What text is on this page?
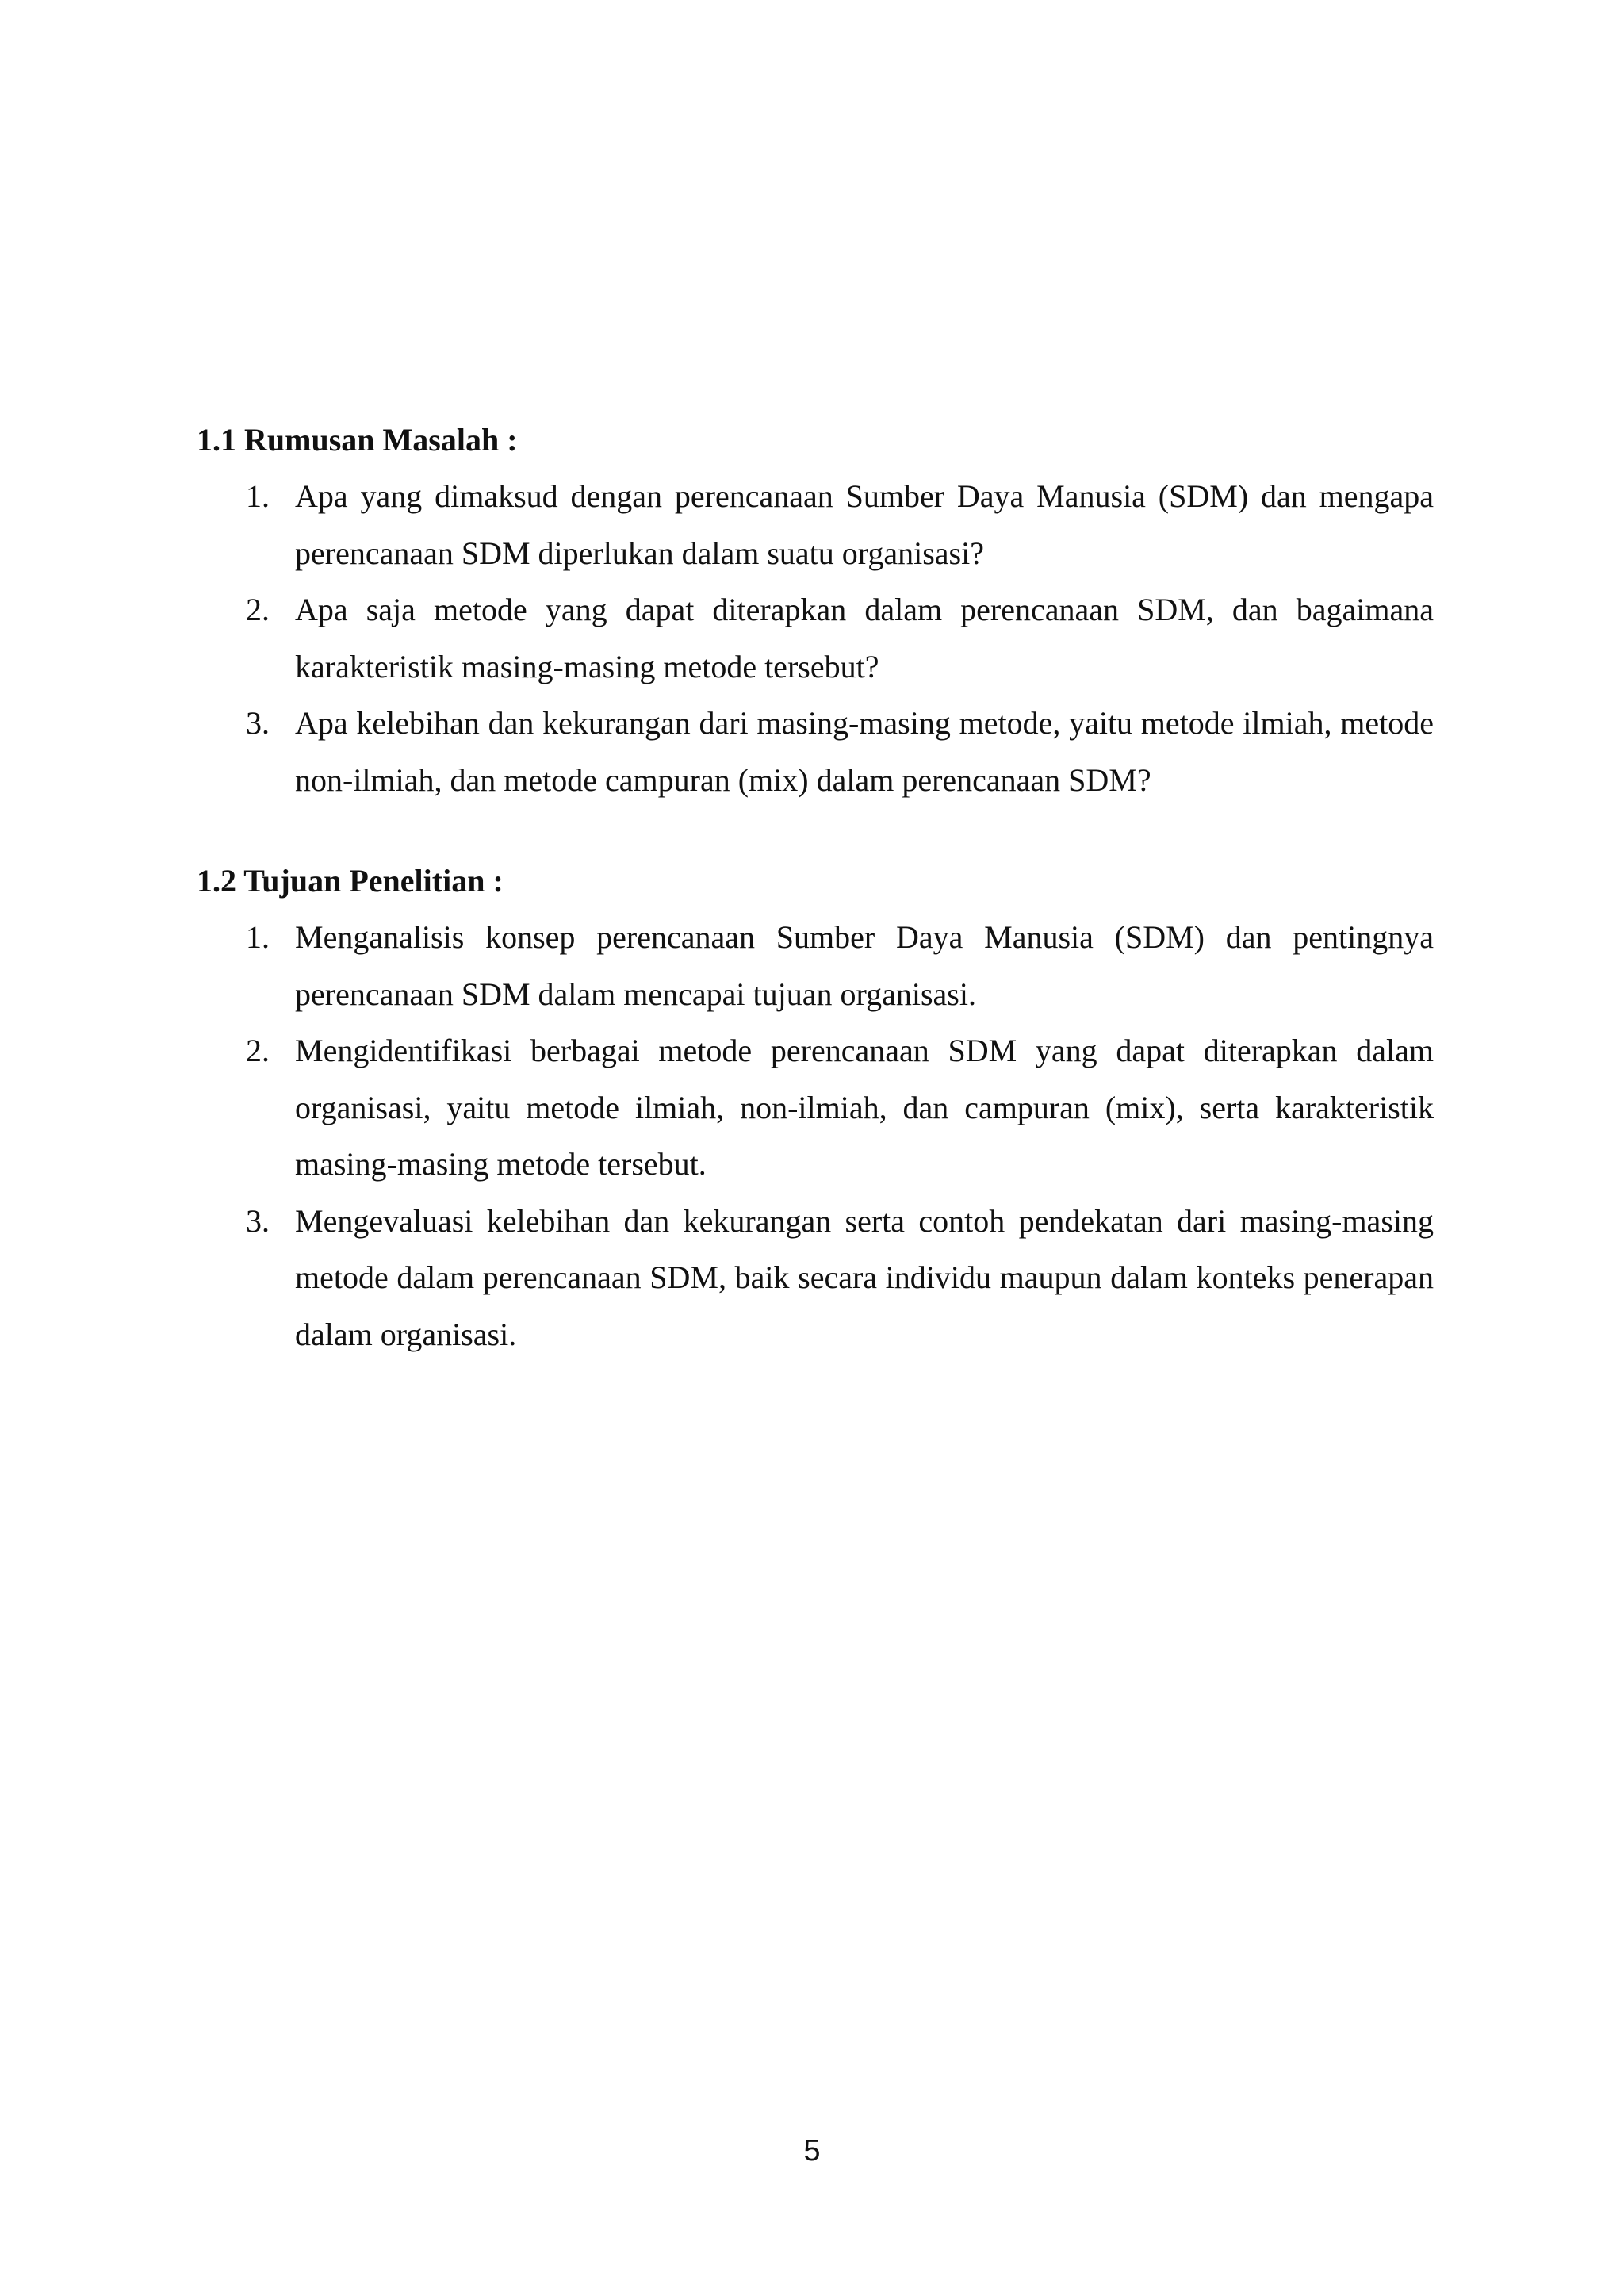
1.1 Rumusan Masalah :
1. Apa yang dimaksud dengan perencanaan Sumber Daya Manusia (SDM) dan mengapa perencanaan SDM diperlukan dalam suatu organisasi?
2. Apa saja metode yang dapat diterapkan dalam perencanaan SDM, dan bagaimana karakteristik masing-masing metode tersebut?
3. Apa kelebihan dan kekurangan dari masing-masing metode, yaitu metode ilmiah, metode non-ilmiah, dan metode campuran (mix) dalam perencanaan SDM?
1.2 Tujuan Penelitian :
1. Menganalisis konsep perencanaan Sumber Daya Manusia (SDM) dan pentingnya perencanaan SDM dalam mencapai tujuan organisasi.
2. Mengidentifikasi berbagai metode perencanaan SDM yang dapat diterapkan dalam organisasi, yaitu metode ilmiah, non-ilmiah, dan campuran (mix), serta karakteristik masing-masing metode tersebut.
3. Mengevaluasi kelebihan dan kekurangan serta contoh pendekatan dari masing-masing metode dalam perencanaan SDM, baik secara individu maupun dalam konteks penerapan dalam organisasi.
5
